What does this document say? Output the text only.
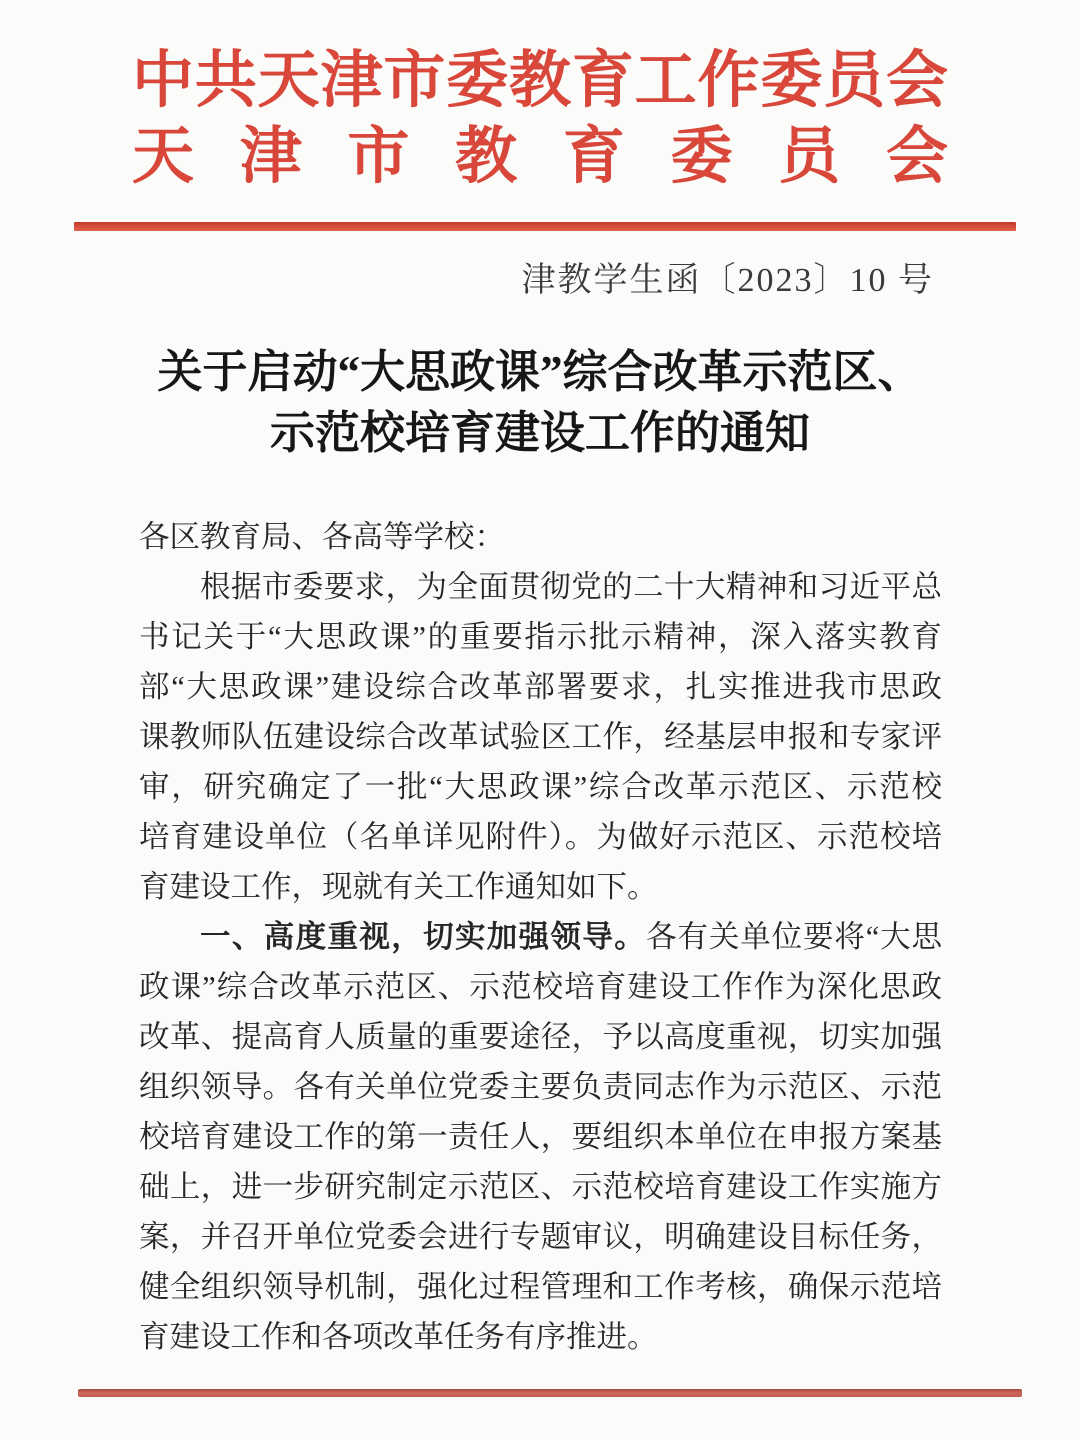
中共天津市委教育工作委员会
天津市教育委员会
津教学生函〔2023〕10 号
关于启动“大思政课”综合改革示范区、
示范校培育建设工作的通知
各区教育局、各高等学校：
根据市委要求，为全面贯彻党的二十大精神和习近平总
书记关于“大思政课”的重要指示批示精神，深入落实教育
部“大思政课”建设综合改革部署要求，扎实推进我市思政
课教师队伍建设综合改革试验区工作，经基层申报和专家评
审，研究确定了一批“大思政课”综合改革示范区、示范校
培育建设单位（名单详见附件）。为做好示范区、示范校培
育建设工作，现就有关工作通知如下。
一、高度重视，切实加强领导。各有关单位要将“大思
政课”综合改革示范区、示范校培育建设工作作为深化思政
改革、提高育人质量的重要途径，予以高度重视，切实加强
组织领导。各有关单位党委主要负责同志作为示范区、示范
校培育建设工作的第一责任人，要组织本单位在申报方案基
础上，进一步研究制定示范区、示范校培育建设工作实施方
案，并召开单位党委会进行专题审议，明确建设目标任务，
健全组织领导机制，强化过程管理和工作考核，确保示范培
育建设工作和各项改革任务有序推进。
